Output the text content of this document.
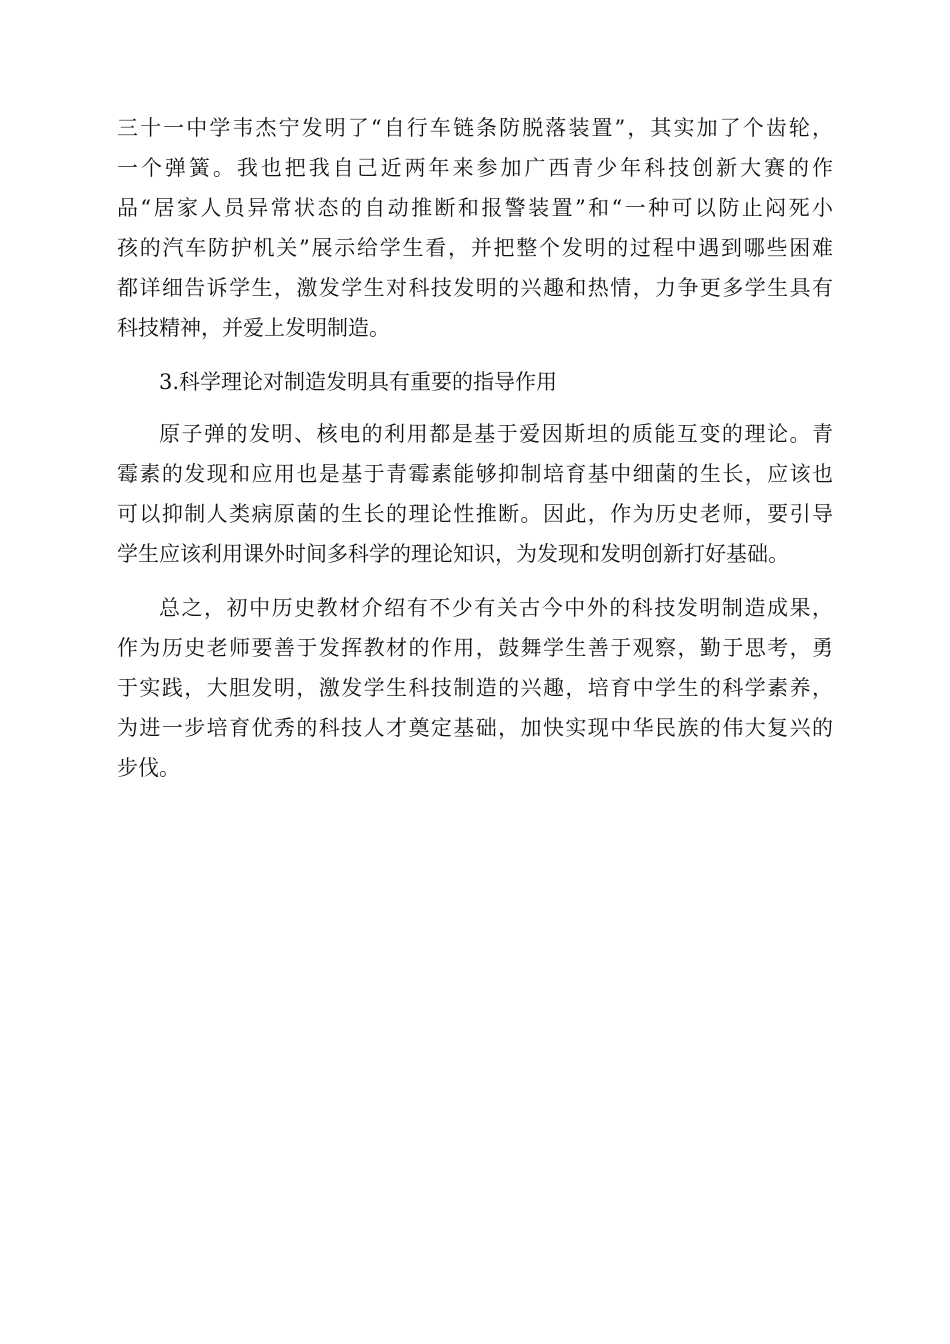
三十一中学韦杰宁发明了“自行车链条防脱落装置”，其实加了个齿轮，
一个弹簧。我也把我自己近两年来参加广西青少年科技创新大赛的作
品“居家人员异常状态的自动推断和报警装置”和“一种可以防止闷死小
孩的汽车防护机关”展示给学生看，并把整个发明的过程中遇到哪些困难
都详细告诉学生，激发学生对科技发明的兴趣和热情，力争更多学生具有
科技精神，并爱上发明制造。

3.科学理论对制造发明具有重要的指导作用

原子弹的发明、核电的利用都是基于爱因斯坦的质能互变的理论。青
霉素的发现和应用也是基于青霉素能够抑制培育基中细菌的生长，应该也
可以抑制人类病原菌的生长的理论性推断。因此，作为历史老师，要引导
学生应该利用课外时间多科学的理论知识，为发现和发明创新打好基础。

总之，初中历史教材介绍有不少有关古今中外的科技发明制造成果，
作为历史老师要善于发挥教材的作用，鼓舞学生善于观察，勤于思考，勇
于实践，大胆发明，激发学生科技制造的兴趣，培育中学生的科学素养，
为进一步培育优秀的科技人才奠定基础，加快实现中华民族的伟大复兴的
步伐。
